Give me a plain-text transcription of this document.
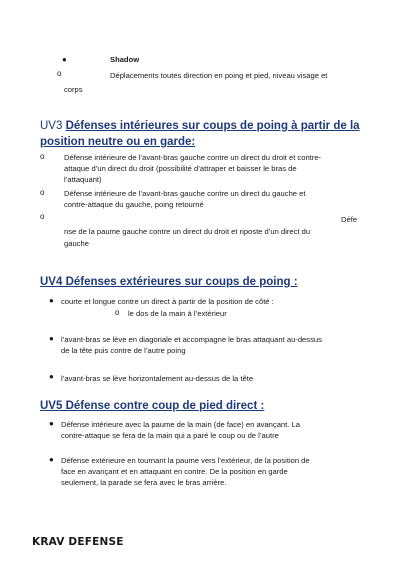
●	Shadow
o	Déplacements toutes direction en poing et pied, niveau visage et
corps
UV3 Défenses intérieures sur coups de poing à partir de la
position neutre ou en garde:
o	Défense intérieure de l’avant-bras gauche contre un direct du droit et contre-
attaque d’un direct du droit (possibilité d’attraper et baisser le bras de
l’attaquant)
o	Défense intérieure de l’avant-bras gauche contre un direct du gauche et
contre-attaque du gauche, poing retourné
o	Défe
nse de la paume gauche contre un direct du droit et riposte d’un direct du
gauche
UV4 Défenses extérieures sur coups de poing :
● courte et longue contre un direct à partir de la position de côté :
o le dos de la main à l’extérieur
● l’avant-bras se lève en diagonale et accompagne le bras attaquant au-dessus
de la tête puis contre de l’autre poing
● l’avant-bras se lève horizontalement au-dessus de la tête
UV5 Défense contre coup de pied direct :
● Défense intérieure avec la paume de la main (de face) en avançant. La
contre-attaque se fera de la main qui a paré le coup ou de l’autre
● Défense extérieure en tournant la paume vers l’extérieur, de la position de
face en avançant et en attaquant en contre. De la position en garde
seulement, la parade se fera avec le bras arrière.
KRAV DEFENSE
